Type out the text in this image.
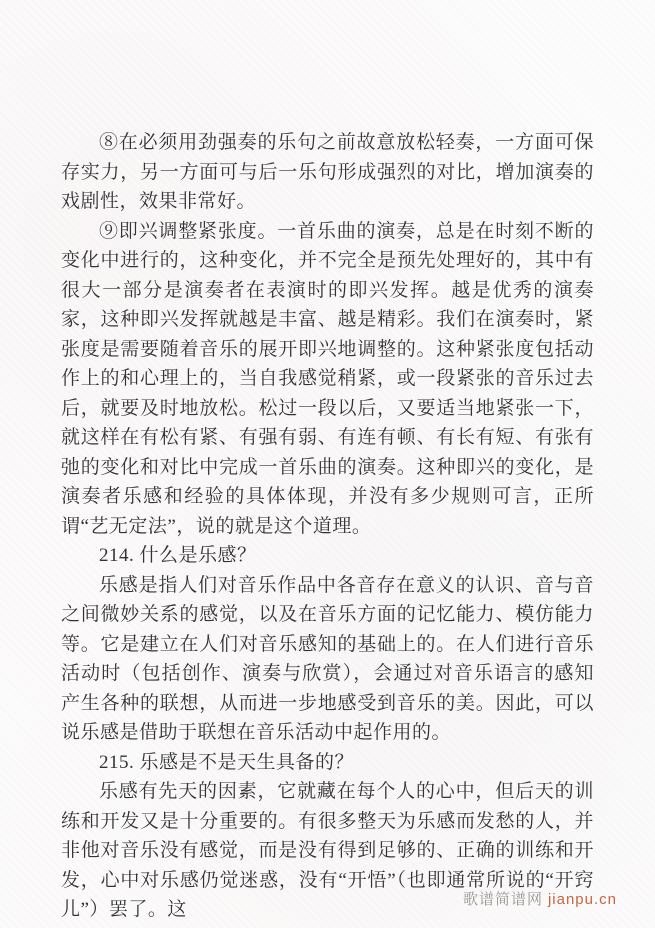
⑧在必须用劲强奏的乐句之前故意放松轻奏，一方面可保存实力，另一方面可与后一乐句形成强烈的对比，增加演奏的戏剧性，效果非常好。

⑨即兴调整紧张度。一首乐曲的演奏，总是在时刻不断的变化中进行的，这种变化，并不完全是预先处理好的，其中有很大一部分是演奏者在表演时的即兴发挥。越是优秀的演奏家，这种即兴发挥就越是丰富、越是精彩。我们在演奏时，紧张度是需要随着音乐的展开即兴地调整的。这种紧张度包括动作上的和心理上的，当自我感觉稍紧，或一段紧张的音乐过去后，就要及时地放松。松过一段以后，又要适当地紧张一下，就这样在有松有紧、有强有弱、有连有顿、有长有短、有张有弛的变化和对比中完成一首乐曲的演奏。这种即兴的变化，是演奏者乐感和经验的具体体现，并没有多少规则可言，正所谓“艺无定法”，说的就是这个道理。

214. 什么是乐感？

乐感是指人们对音乐作品中各音存在意义的认识、音与音之间微妙关系的感觉，以及在音乐方面的记忆能力、模仿能力等。它是建立在人们对音乐感知的基础上的。在人们进行音乐活动时（包括创作、演奏与欣赏），会通过对音乐语言的感知产生各种的联想，从而进一步地感受到音乐的美。因此，可以说乐感是借助于联想在音乐活动中起作用的。

215. 乐感是不是天生具备的？

乐感有先天的因素，它就藏在每个人的心中，但后天的训练和开发又是十分重要的。有很多整天为乐感而发愁的人，并非他对音乐没有感觉，而是没有得到足够的、正确的训练和开发，心中对乐感仍觉迷惑，没有“开悟”（也即通常所说的“开窍儿”）罢了。这	歌谱简谱网 jianpu.cn
